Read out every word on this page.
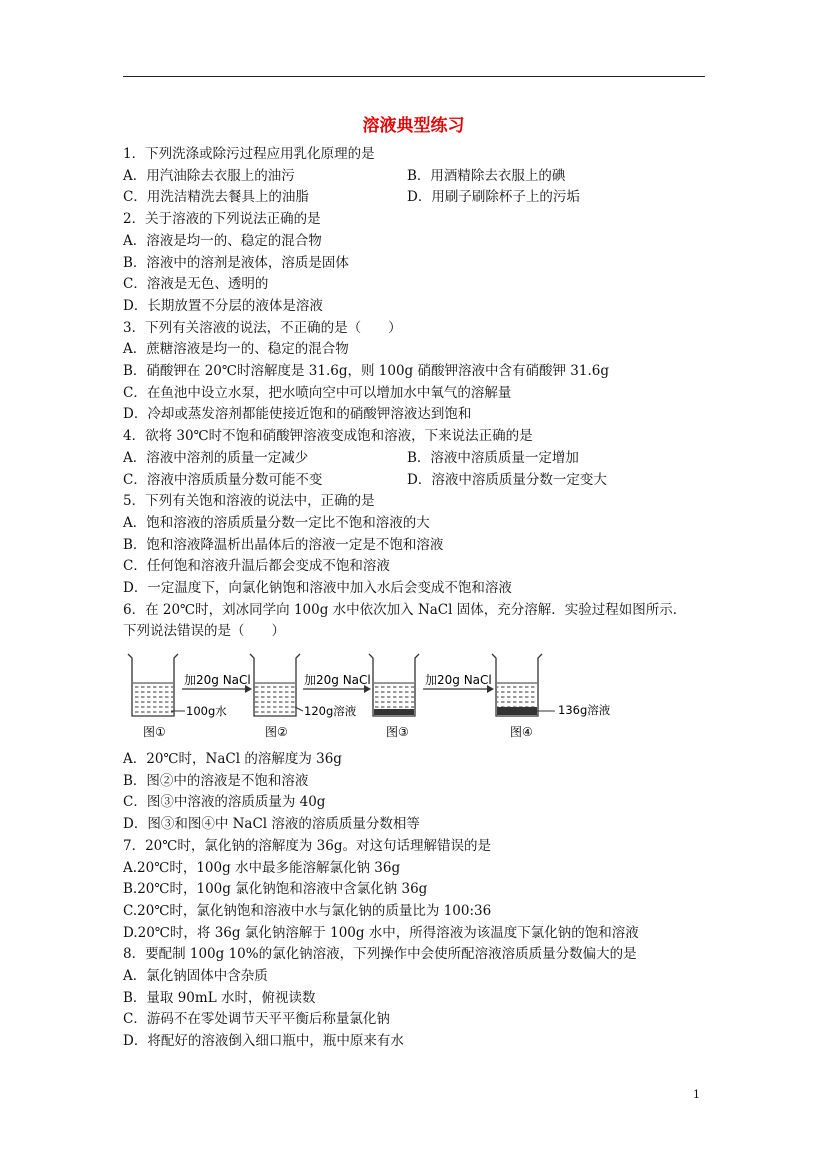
溶液典型练习
1．下列洗涤或除污过程应用乳化原理的是
A．用汽油除去衣服上的油污	B．用酒精除去衣服上的碘
C．用洗洁精洗去餐具上的油脂	D．用刷子刷除杯子上的污垢
2．关于溶液的下列说法正确的是
A．溶液是均一的、稳定的混合物
B．溶液中的溶剂是液体，溶质是固体
C．溶液是无色、透明的
D．长期放置不分层的液体是溶液
3．下列有关溶液的说法，不正确的是（　　）
A．蔗糖溶液是均一的、稳定的混合物
B．硝酸钾在 20℃时溶解度是 31.6g，则 100g 硝酸钾溶液中含有硝酸钾 31.6g
C．在鱼池中设立水泵，把水喷向空中可以增加水中氧气的溶解量
D．冷却或蒸发溶剂都能使接近饱和的硝酸钾溶液达到饱和
4．欲将 30℃时不饱和硝酸钾溶液变成饱和溶液，下来说法正确的是
A．溶液中溶剂的质量一定减少	B．溶液中溶质质量一定增加
C．溶液中溶质质量分数可能不变	D．溶液中溶质质量分数一定变大
5．下列有关饱和溶液的说法中，正确的是
A．饱和溶液的溶质质量分数一定比不饱和溶液的大
B．饱和溶液降温析出晶体后的溶液一定是不饱和溶液
C．任何饱和溶液升温后都会变成不饱和溶液
D．一定温度下，向氯化钠饱和溶液中加入水后会变成不饱和溶液
6．在 20℃时，刘冰同学向 100g 水中依次加入 NaCl 固体，充分溶解．实验过程如图所示．
下列说法错误的是（　　）
加20g NaCl	加20g NaCl	加20g NaCl
100g水	120g溶液	136g溶液
图①	图②	图③	图④
A．20℃时，NaCl 的溶解度为 36g
B．图②中的溶液是不饱和溶液
C．图③中溶液的溶质质量为 40g
D．图③和图④中 NaCl 溶液的溶质质量分数相等
7．20℃时，氯化钠的溶解度为 36g。对这句话理解错误的是
A.20℃时，100g 水中最多能溶解氯化钠 36g
B.20℃时，100g 氯化钠饱和溶液中含氯化钠 36g
C.20℃时，氯化钠饱和溶液中水与氯化钠的质量比为 100:36
D.20℃时，将 36g 氯化钠溶解于 100g 水中，所得溶液为该温度下氯化钠的饱和溶液
8．要配制 100g 10%的氯化钠溶液，下列操作中会使所配溶液溶质质量分数偏大的是
A．氯化钠固体中含杂质
B．量取 90mL 水时，俯视读数
C．游码不在零处调节天平平衡后称量氯化钠
D．将配好的溶液倒入细口瓶中，瓶中原来有水
1
